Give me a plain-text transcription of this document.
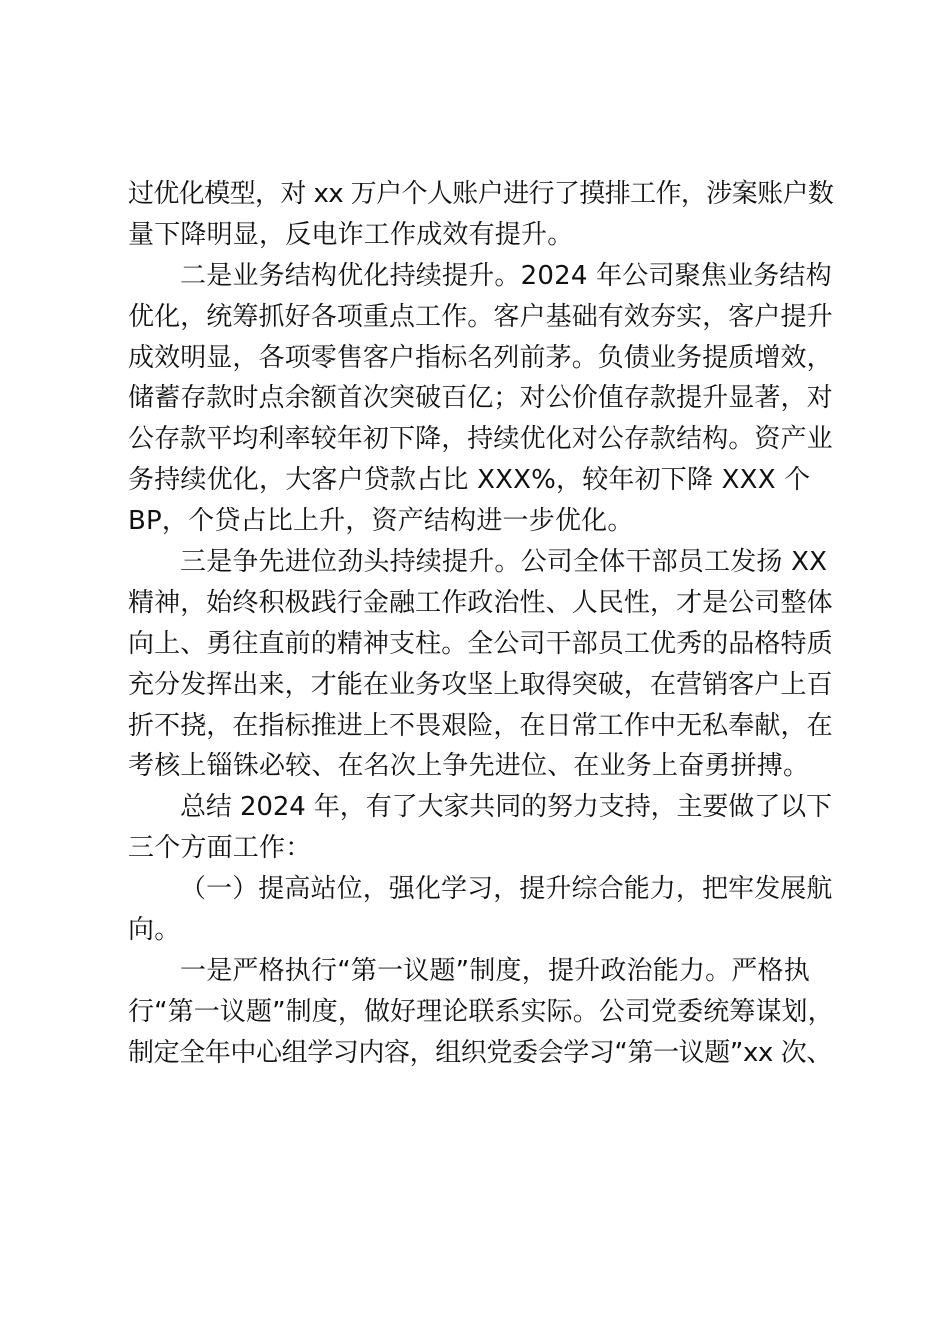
过优化模型，对 xx 万户个人账户进行了摸排工作，涉案账户数
量下降明显，反电诈工作成效有提升。
二是业务结构优化持续提升。2024 年公司聚焦业务结构
优化，统筹抓好各项重点工作。客户基础有效夯实，客户提升
成效明显，各项零售客户指标名列前茅。负债业务提质增效，
储蓄存款时点余额首次突破百亿；对公价值存款提升显著，对
公存款平均利率较年初下降，持续优化对公存款结构。资产业
务持续优化，大客户贷款占比 XXX%，较年初下降 XXX 个
BP，个贷占比上升，资产结构进一步优化。
三是争先进位劲头持续提升。公司全体干部员工发扬 XX
精神，始终积极践行金融工作政治性、人民性，才是公司整体
向上、勇往直前的精神支柱。全公司干部员工优秀的品格特质
充分发挥出来，才能在业务攻坚上取得突破，在营销客户上百
折不挠，在指标推进上不畏艰险，在日常工作中无私奉献，在
考核上锱铢必较、在名次上争先进位、在业务上奋勇拼搏。
总结 2024 年，有了大家共同的努力支持，主要做了以下
三个方面工作：
（一）提高站位，强化学习，提升综合能力，把牢发展航
向。
一是严格执行“第一议题”制度，提升政治能力。严格执
行“第一议题”制度，做好理论联系实际。公司党委统筹谋划，
制定全年中心组学习内容，组织党委会学习“第一议题”xx 次、
